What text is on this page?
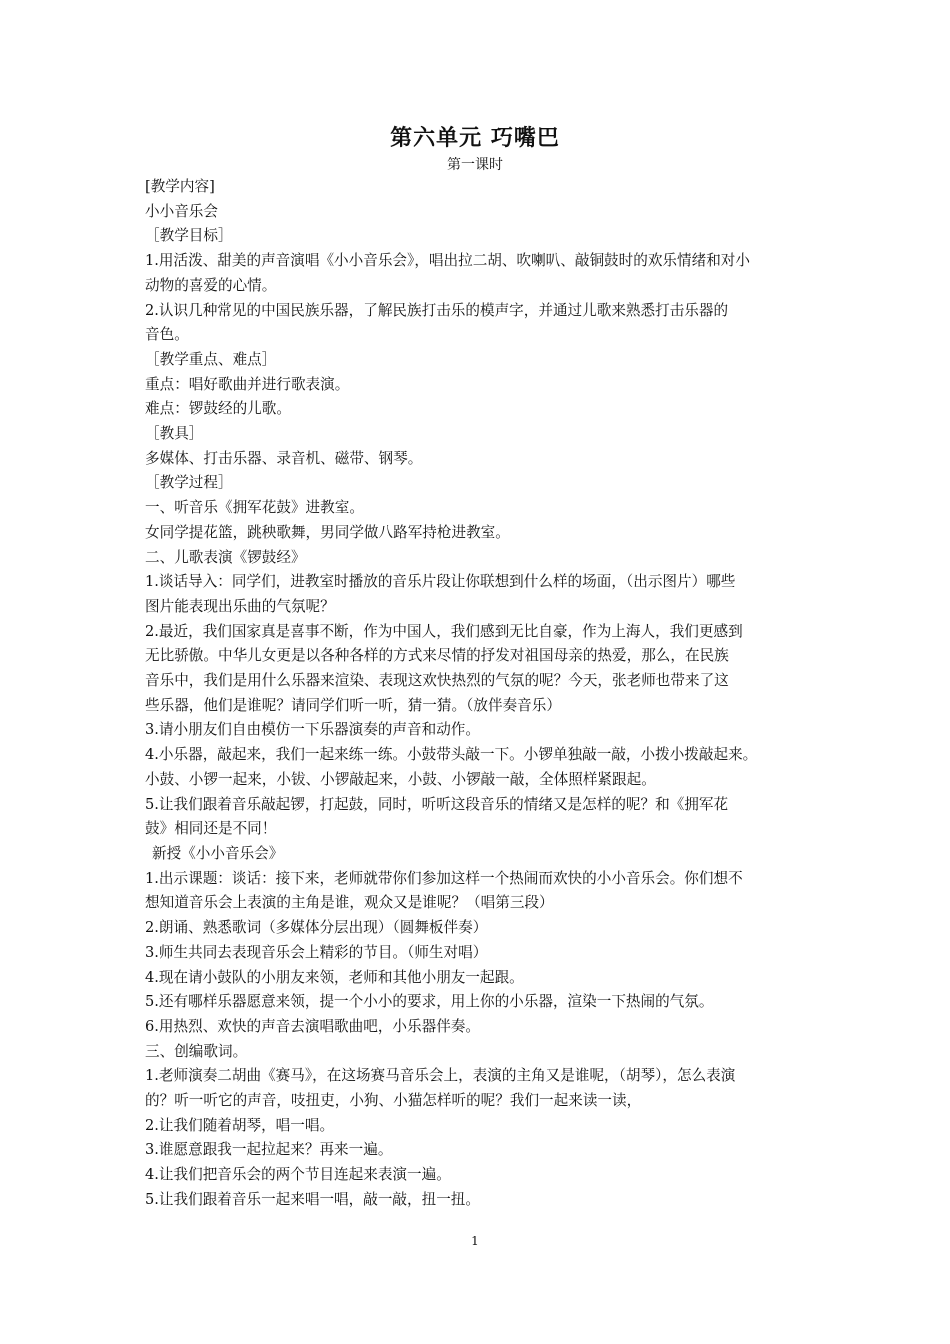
第六单元 巧嘴巴
第一课时

[教学内容]

小小音乐会

［教学目标］

1.用活泼、甜美的声音演唱《小小音乐会》，唱出拉二胡、吹喇叭、敲铜鼓时的欢乐情绪和对小

动物的喜爱的心情。

2.认识几种常见的中国民族乐器，了解民族打击乐的模声字，并通过儿歌来熟悉打击乐器的

音色。

［教学重点、难点］

重点：唱好歌曲并进行歌表演。

难点：锣鼓经的儿歌。

［教具］

多媒体、打击乐器、录音机、磁带、钢琴。

［教学过程］

一、听音乐《拥军花鼓》进教室。

女同学提花篮，跳秧歌舞，男同学做八路军持枪进教室。

二、儿歌表演《锣鼓经》

1.谈话导入：同学们，进教室时播放的音乐片段让你联想到什么样的场面，（出示图片）哪些

图片能表现出乐曲的气氛呢？

2.最近，我们国家真是喜事不断，作为中国人，我们感到无比自豪，作为上海人，我们更感到

无比骄傲。中华儿女更是以各种各样的方式来尽情的抒发对祖国母亲的热爱，那么，在民族

音乐中，我们是用什么乐器来渲染、表现这欢快热烈的气氛的呢？今天，张老师也带来了这

些乐器，他们是谁呢？请同学们听一听，猜一猜。（放伴奏音乐）

3.请小朋友们自由模仿一下乐器演奏的声音和动作。

4.小乐器，敲起来，我们一起来练一练。小鼓带头敲一下。小锣单独敲一敲，小拨小拨敲起来。

小鼓、小锣一起来，小钹、小锣敲起来，小鼓、小锣敲一敲，全体照样紧跟起。

5.让我们跟着音乐敲起锣，打起鼓，同时，听听这段音乐的情绪又是怎样的呢？和《拥军花

鼓》相同还是不同！

新授《小小音乐会》

1.出示课题：谈话：接下来，老师就带你们参加这样一个热闹而欢快的小小音乐会。你们想不

想知道音乐会上表演的主角是谁，观众又是谁呢？（唱第三段）

2.朗诵、熟悉歌词（多媒体分层出现）（圆舞板伴奏）

3.师生共同去表现音乐会上精彩的节目。（师生对唱）

4.现在请小鼓队的小朋友来领，老师和其他小朋友一起跟。

5.还有哪样乐器愿意来领，提一个小小的要求，用上你的小乐器，渲染一下热闹的气氛。

6.用热烈、欢快的声音去演唱歌曲吧，小乐器伴奏。

三、创编歌词。

1.老师演奏二胡曲《赛马》，在这场赛马音乐会上，表演的主角又是谁呢，（胡琴），怎么表演

的？听一听它的声音，吱扭吏，小狗、小猫怎样听的呢？我们一起来读一读，

2.让我们随着胡琴，唱一唱。

3.谁愿意跟我一起拉起来？再来一遍。

4.让我们把音乐会的两个节目连起来表演一遍。

5.让我们跟着音乐一起来唱一唱，敲一敲，扭一扭。

1
